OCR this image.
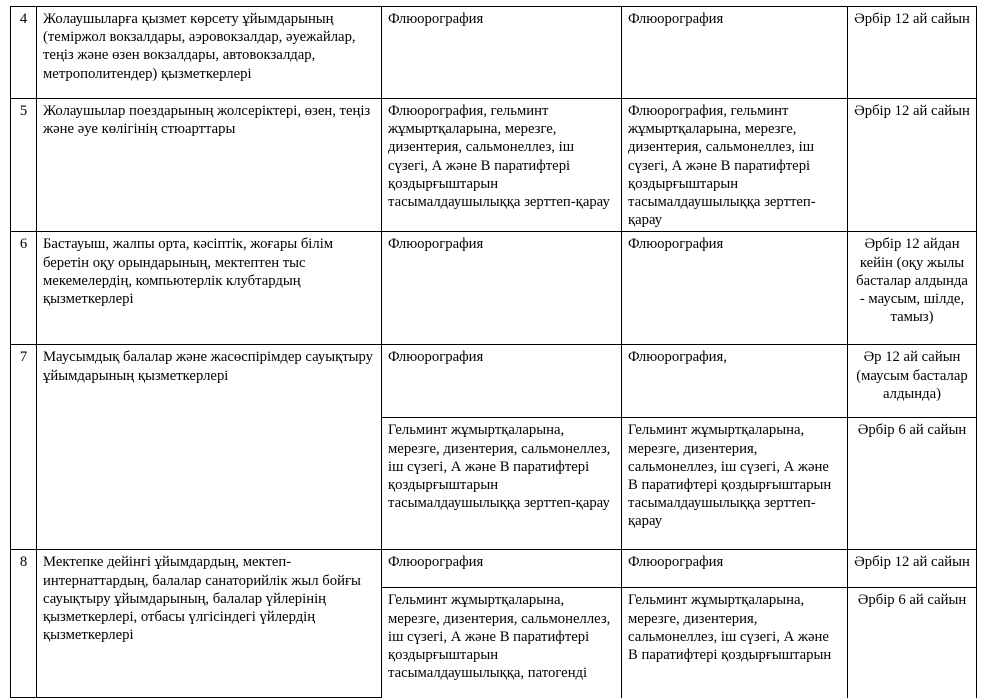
4	Жолаушыларға қызмет көрсету ұйымдарының (теміржол вокзалдары, аэровокзалдар, әуежайлар, теңіз және өзен вокзалдары, автовокзалдар, метрополитендер) қызметкерлері	Флюорография	Флюорография	Әрбір 12 ай сайын
5	Жолаушылар поездарының жолсеріктері, өзен, теңіз және әуе көлігінің стюарттары	Флюорография, гельминт жұмыртқаларына, мерезге, дизентерия, сальмонеллез, іш сүзегі, А және В паратифтері қоздырғыштарын тасымалдаушылыққа зерттеп-қарау	Флюорография, гельминт жұмыртқаларына, мерезге, дизентерия, сальмонеллез, іш сүзегі, А және В паратифтері қоздырғыштарын тасымалдаушылыққа зерттеп-қарау	Әрбір 12 ай сайын
6	Бастауыш, жалпы орта, кәсіптік, жоғары білім беретін оқу орындарының, мектептен тыс мекемелердің, компьютерлік клубтардың қызметкерлері	Флюорография	Флюорография	Әрбір 12 айдан кейін (оқу жылы басталар алдында - маусым, шілде, тамыз)
7	Маусымдық балалар және жасөспірімдер сауықтыру ұйымдарының қызметкерлері	Флюорография	Флюорография,	Әр 12 ай сайын (маусым басталар алдында)
		Гельминт жұмыртқаларына, мерезге, дизентерия, сальмонеллез, іш сүзегі, А және В паратифтері қоздырғыштарын тасымалдаушылыққа зерттеп-қарау	Гельминт жұмыртқаларына, мерезге, дизентерия, сальмонеллез, іш сүзегі, А және В паратифтері қоздырғыштарын тасымалдаушылыққа зерттеп-қарау	Әрбір 6 ай сайын
8	Мектепке дейінгі ұйымдардың, мектеп-интернаттардың, балалар санаторийлік жыл бойғы сауықтыру ұйымдарының, балалар үйлерінің қызметкерлері, отбасы үлгісіндегі үйлердің қызметкерлері	Флюорография	Флюорография	Әрбір 12 ай сайын
		Гельминт жұмыртқаларына, мерезге, дизентерия, сальмонеллез, іш сүзегі, А және В паратифтері қоздырғыштарын тасымалдаушылыққа, патогенді	Гельминт жұмыртқаларына, мерезге, дизентерия, сальмонеллез, іш сүзегі, А және В паратифтері қоздырғыштарын	Әрбір 6 ай сайын
